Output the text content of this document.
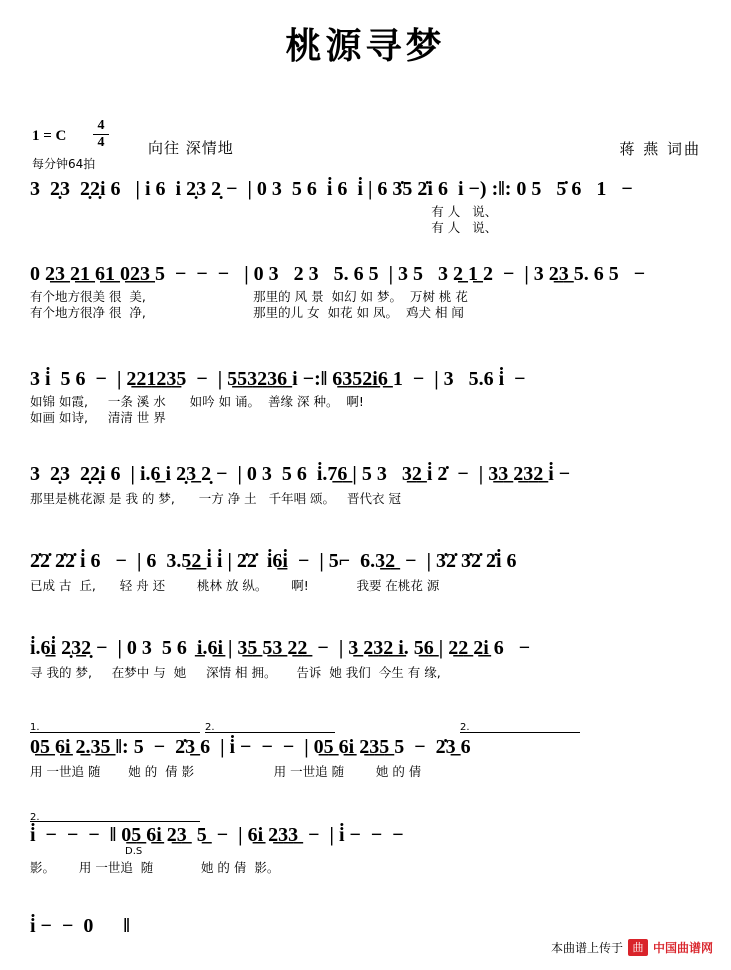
桃源寻梦
1 = C
4
4	向往 深情地
每分钟64拍
蒋 燕 词曲
3  2̣3  2̣2̣i 6   | i 6  i 2̣3 2̣ −  | 0 3  5 6  i̇ 6  i̇ | 6 3̇5 2̇i 6  i −) :‖: 0 5   5̇ 6   1   −
有 人   说、
有 人   说、
0 2̲3̲ 2̲1̲ 6̲1̲ 0̲2̲3̲ 5  −  −  −   | 0 3   2 3   5. 6 5  | 3 5   3 2̲ 1̲ 2  −  | 3 2̲3̲ 5. 6 5   −
有个地方很美 很  美,                           那里的 风 景  如幻 如 梦。  万树 桃 花
有个地方很净 很  净,                           那里的儿 女  如花 如 凤。  鸡犬 相 闻
3 i̇  5 6  −  | 2̲2̲1̲2̲3̲5  −  | 5̲5̲3̲2̲3̲6̲ i −:‖ 6̲3̲5̲2̲i̲6̲ 1  −  | 3   5.6 i̇  −
如锦 如霞,     一条 溪 水      如吟 如 诵。  善缘 深 种。  啊!
如画 如诗,     清清 世 界
3  2̣3  2̣2̣i 6  | i.6̲ i 2̣3̲ 2̣ −  | 0 3  5 6  i̇.7̲6̲ | 5 3   3̲2̲ i̇ 2̇  −  | 3̲3̲ 2̲3̲2̲ i̇ −
那里是桃花源 是 我 的 梦,      一方 净 土   千年唱 颂。   晋代衣 冠
2̇2̇ 2̇2̇ i̇ 6   −  | 6  3.5̲2̲ i̇ i̇ | 2̇2̇  i̇6̲i̇  −  | 5⌐  6.3̲2̲  −  | 3̇2̇ 3̇2̇ 2̇i̇ 6
已成 古  丘,      轻 舟 还        桃林 放 纵。      啊!            我要 在桃花 源
i̇.6̲i̇ 2̣3̲2̣ −  | 0 3  5 6  i̲.6̲i̲ | 3̲5̲ 5̲3̲ 2̲2̲  −  | 3̲ 2̲3̲2̲ i̲. 5̲6̲ | 2̲2̲ 2̲i̲ 6   −
寻 我的 梦,     在梦中 与  她     深情 相 拥。     告诉  她 我们  今生 有 缘,
1.	2.	2.
0̲5̲ 6̲i̲ 2̲.3̲5̲ ‖: 5  −  2̇3̲ 6  | i̇ −  −  −  | 0̲5̲ 6̲i̲ 2̲3̲5̲ 5  −  2̇3̲ 6
用 一世追 随       她 的  倩 影                    用 一世追 随        她 的 倩
2.
i̇  −  −  −  ‖ 0̲5̲ 6̲i̲ 2̲3̲  5̲  −  | 6̲i̲ 2̲3̲3̲  −  | i̇ −  −  −
D.S
影。      用 一世追  随            她 的 倩  影。
i̇ −  −  0      ‖
本曲谱上传于 曲 中国曲谱网
